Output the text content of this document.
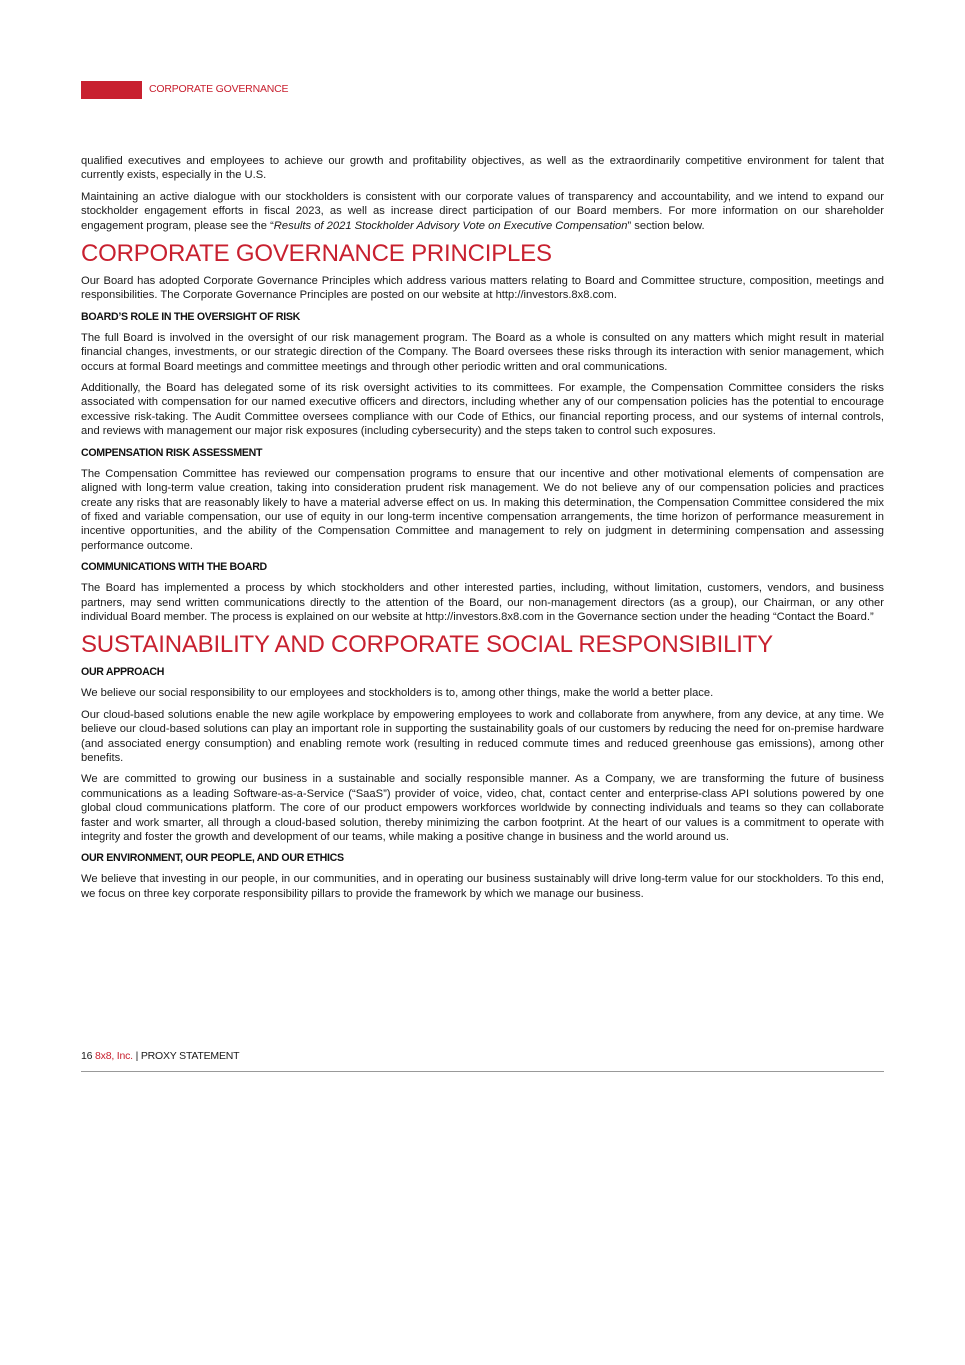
CORPORATE GOVERNANCE

qualified executives and employees to achieve our growth and profitability objectives, as well as the extraordinarily competitive environment for talent that currently exists, especially in the U.S.

Maintaining an active dialogue with our stockholders is consistent with our corporate values of transparency and accountability, and we intend to expand our stockholder engagement efforts in fiscal 2023, as well as increase direct participation of our Board members. For more information on our shareholder engagement program, please see the “Results of 2021 Stockholder Advisory Vote on Executive Compensation” section below.

CORPORATE GOVERNANCE PRINCIPLES

Our Board has adopted Corporate Governance Principles which address various matters relating to Board and Committee structure, composition, meetings and responsibilities. The Corporate Governance Principles are posted on our website at http://investors.8x8.com.

BOARD’S ROLE IN THE OVERSIGHT OF RISK

The full Board is involved in the oversight of our risk management program. The Board as a whole is consulted on any matters which might result in material financial changes, investments, or our strategic direction of the Company. The Board oversees these risks through its interaction with senior management, which occurs at formal Board meetings and committee meetings and through other periodic written and oral communications.

Additionally, the Board has delegated some of its risk oversight activities to its committees. For example, the Compensation Committee considers the risks associated with compensation for our named executive officers and directors, including whether any of our compensation policies has the potential to encourage excessive risk-taking. The Audit Committee oversees compliance with our Code of Ethics, our financial reporting process, and our systems of internal controls, and reviews with management our major risk exposures (including cybersecurity) and the steps taken to control such exposures.

COMPENSATION RISK ASSESSMENT

The Compensation Committee has reviewed our compensation programs to ensure that our incentive and other motivational elements of compensation are aligned with long-term value creation, taking into consideration prudent risk management. We do not believe any of our compensation policies and practices create any risks that are reasonably likely to have a material adverse effect on us. In making this determination, the Compensation Committee considered the mix of fixed and variable compensation, our use of equity in our long-term incentive compensation arrangements, the time horizon of performance measurement in incentive opportunities, and the ability of the Compensation Committee and management to rely on judgment in determining compensation and assessing performance outcome.

COMMUNICATIONS WITH THE BOARD

The Board has implemented a process by which stockholders and other interested parties, including, without limitation, customers, vendors, and business partners, may send written communications directly to the attention of the Board, our non-management directors (as a group), our Chairman, or any other individual Board member. The process is explained on our website at http://investors.8x8.com in the Governance section under the heading “Contact the Board.”

SUSTAINABILITY AND CORPORATE SOCIAL RESPONSIBILITY
OUR APPROACH

We believe our social responsibility to our employees and stockholders is to, among other things, make the world a better place.

Our cloud-based solutions enable the new agile workplace by empowering employees to work and collaborate from anywhere, from any device, at any time. We believe our cloud-based solutions can play an important role in supporting the sustainability goals of our customers by reducing the need for on-premise hardware (and associated energy consumption) and enabling remote work (resulting in reduced commute times and reduced greenhouse gas emissions), among other benefits.

We are committed to growing our business in a sustainable and socially responsible manner. As a Company, we are transforming the future of business communications as a leading Software-as-a-Service (“SaaS”) provider of voice, video, chat, contact center and enterprise-class API solutions powered by one global cloud communications platform. The core of our product empowers workforces worldwide by connecting individuals and teams so they can collaborate faster and work smarter, all through a cloud-based solution, thereby minimizing the carbon footprint. At the heart of our values is a commitment to operate with integrity and foster the growth and development of our teams, while making a positive change in business and the world around us.

OUR ENVIRONMENT, OUR PEOPLE, AND OUR ETHICS

We believe that investing in our people, in our communities, and in operating our business sustainably will drive long-term value for our stockholders. To this end, we focus on three key corporate responsibility pillars to provide the framework by which we manage our business.

16 8x8, Inc. | PROXY STATEMENT
